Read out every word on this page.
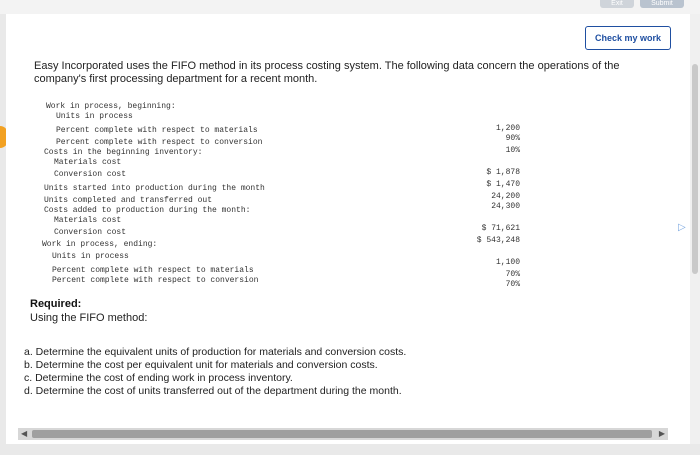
Exit	Submit
Check my work
Easy Incorporated uses the FIFO method in its process costing system. The following data concern the operations of the company's first processing department for a recent month.
Work in process, beginning:
Units in process
Percent complete with respect to materials
Percent complete with respect to conversion
Costs in the beginning inventory:
Materials cost
Conversion cost
Units started into production during the month
Units completed and transferred out
Costs added to production during the month:
Materials cost
Conversion cost
Work in process, ending:
Units in process
Percent complete with respect to materials
Percent complete with respect to conversion
1,200
90%
10%
$ 1,878
$ 1,470
24,200
24,300
$ 71,621
$ 543,248
1,100
70%
70%
Required:
Using the FIFO method:
a. Determine the equivalent units of production for materials and conversion costs.
b. Determine the cost per equivalent unit for materials and conversion costs.
c. Determine the cost of ending work in process inventory.
d. Determine the cost of units transferred out of the department during the month.
◀	▶
▷
